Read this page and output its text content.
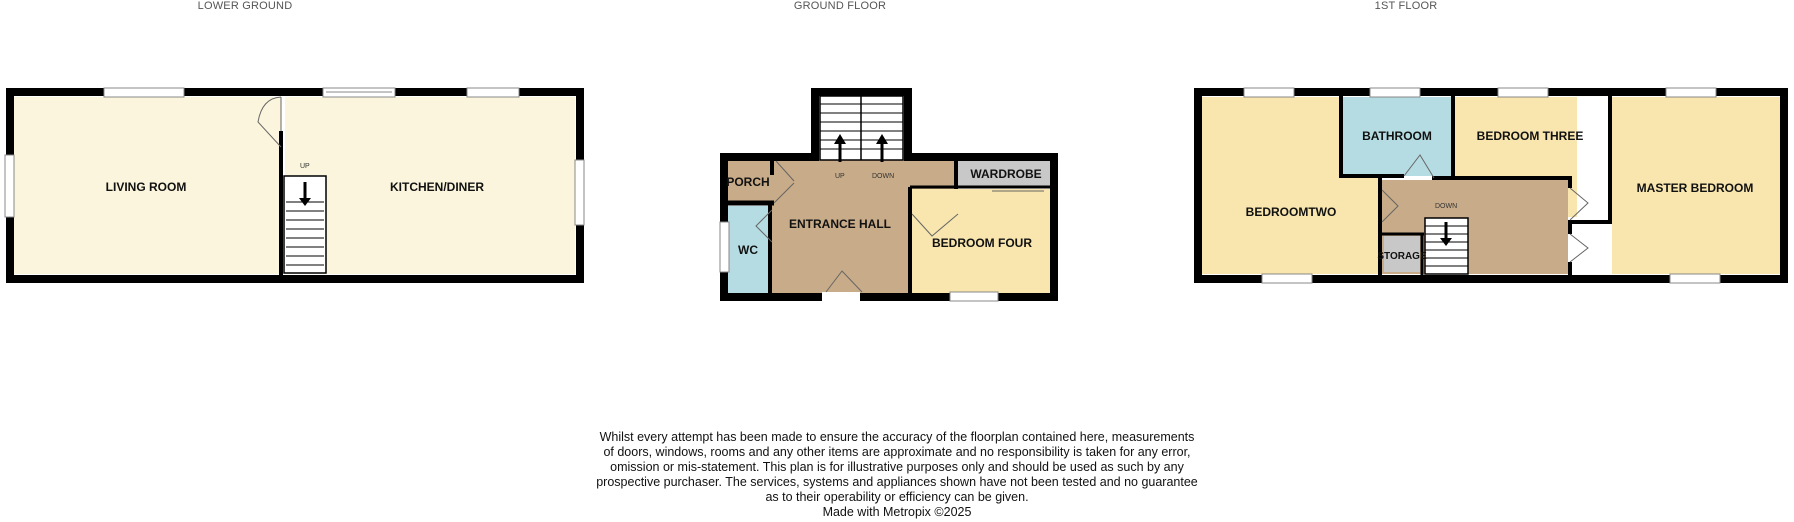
LOWER GROUND	GROUND FLOOR	1ST FLOOR
UP
LIVING ROOM	KITCHEN/DINER
UP	DOWN
PORCH
ENTRANCE HALL
WC
WARDROBE
BEDROOM FOUR
DOWN
BEDROOMTWO
BATHROOM	BEDROOM THREE
MASTER BEDROOM
STORAGE
Whilst every attempt has been made to ensure the accuracy of the floorplan contained here, measurements
of doors, windows, rooms and any other items are approximate and no responsibility is taken for any error,
omission or mis-statement. This plan is for illustrative purposes only and should be used as such by any
prospective purchaser. The services, systems and appliances shown have not been tested and no guarantee
as to their operability or efficiency can be given.
Made with Metropix ©2025
